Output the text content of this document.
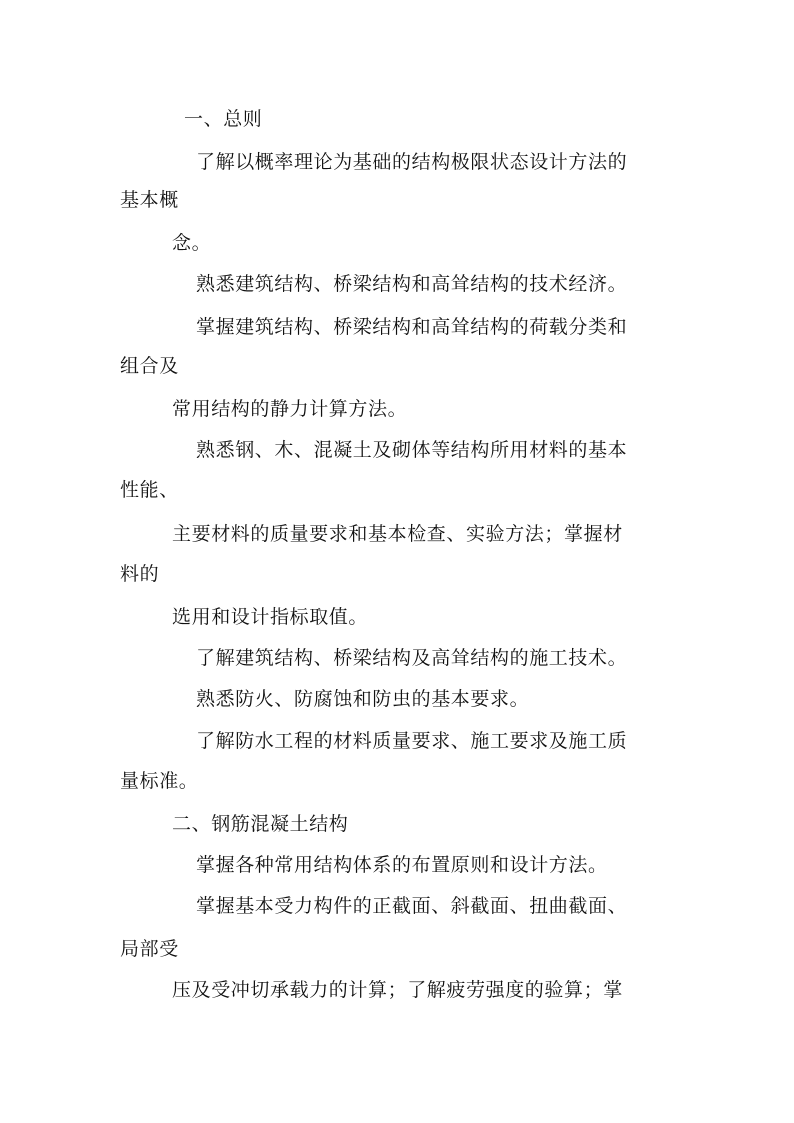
一、总则
了解以概率理论为基础的结构极限状态设计方法的
基本概
念。
熟悉建筑结构、桥梁结构和高耸结构的技术经济。
掌握建筑结构、桥梁结构和高耸结构的荷载分类和
组合及
常用结构的静力计算方法。
熟悉钢、木、混凝土及砌体等结构所用材料的基本
性能、
主要材料的质量要求和基本检查、实验方法；掌握材
料的
选用和设计指标取值。
了解建筑结构、桥梁结构及高耸结构的施工技术。
熟悉防火、防腐蚀和防虫的基本要求。
了解防水工程的材料质量要求、施工要求及施工质
量标准。
二、钢筋混凝土结构
掌握各种常用结构体系的布置原则和设计方法。
掌握基本受力构件的正截面、斜截面、扭曲截面、
局部受
压及受冲切承载力的计算；了解疲劳强度的验算；掌
